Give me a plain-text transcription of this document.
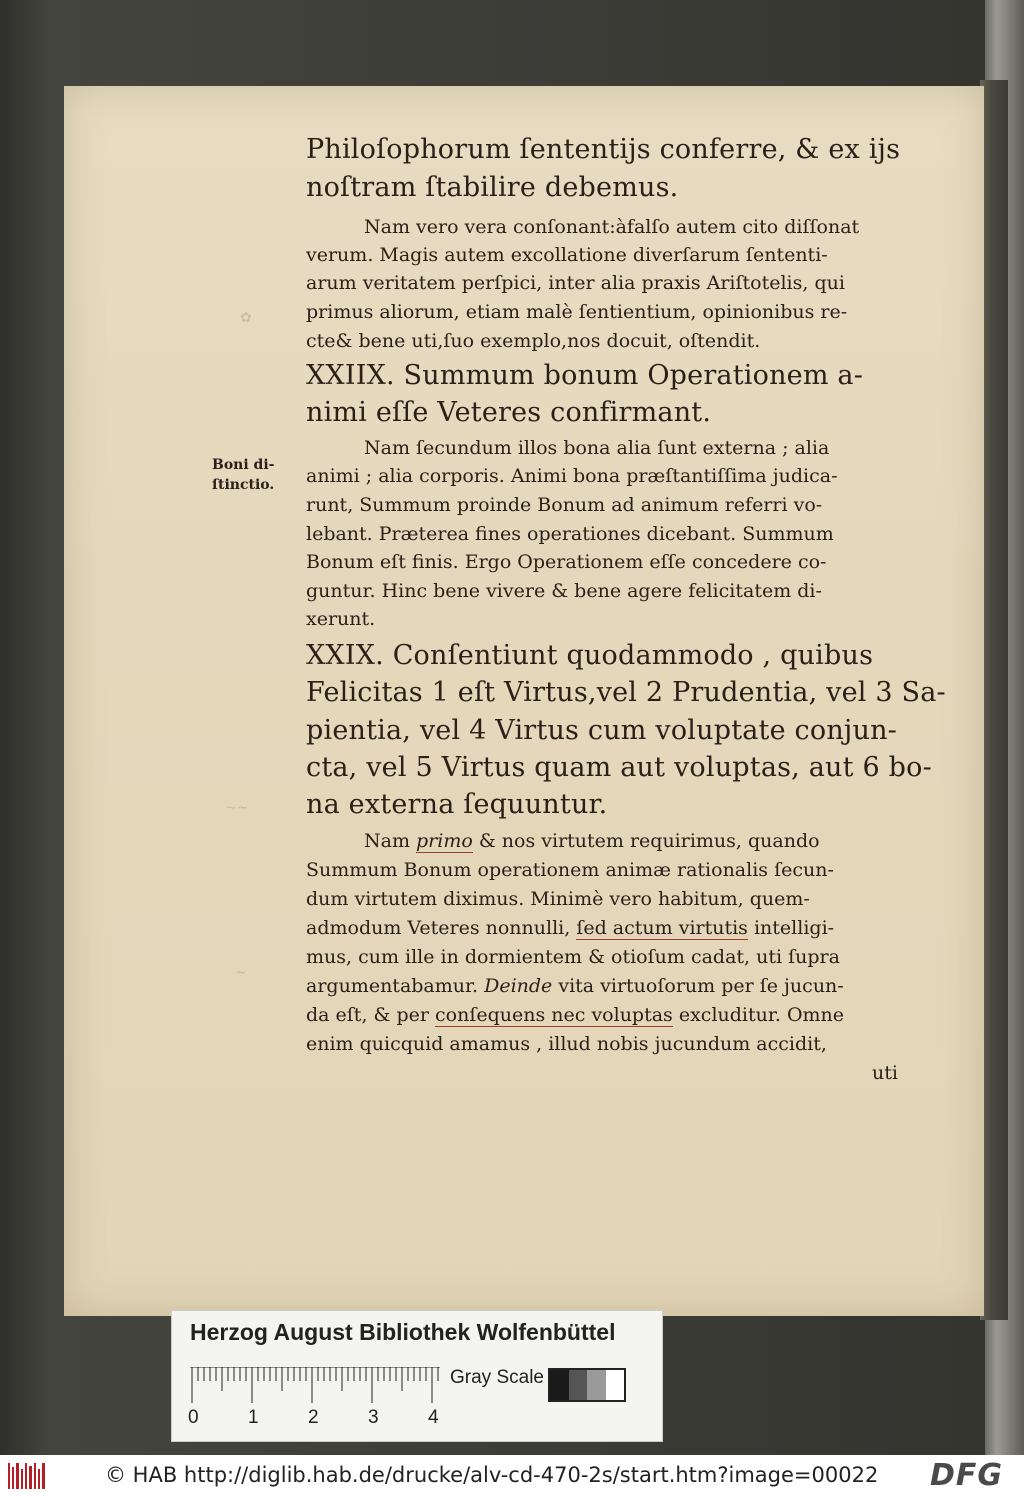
✿
~~
~
Boni di-
ſtinctio.
Philoſophorum ſententijs conferre, & ex ijs
noſtram ſtabilire debemus.
Nam vero vera conſonant:àfalſo autem cito diſſonat
verum. Magis autem excollatione diverſarum ſententi-
arum veritatem perſpici, inter alia praxis Ariſtotelis, qui
primus aliorum, etiam malè ſentientium, opinionibus re-
cte& bene uti,ſuo exemplo,nos docuit, oſtendit.
XXIIX. Summum bonum Operationem a-
nimi eſſe Veteres confirmant.
Nam ſecundum illos bona alia ſunt externa ; alia
animi ; alia corporis. Animi bona præſtantiſſima judica-
runt, Summum proinde Bonum ad animum referri vo-
lebant. Præterea fines operationes dicebant. Summum
Bonum eſt finis. Ergo Operationem eſſe concedere co-
guntur. Hinc bene vivere & bene agere felicitatem di-
xerunt.
XXIX. Conſentiunt quodammodo , quibus
Felicitas 1 eſt Virtus,vel 2 Prudentia, vel 3 Sa-
pientia, vel 4 Virtus cum voluptate conjun-
cta, vel 5 Virtus quam aut voluptas, aut 6 bo-
na externa ſequuntur.
Nam primo & nos virtutem requirimus, quando
Summum Bonum operationem animæ rationalis ſecun-
dum virtutem diximus. Minimè vero habitum, quem-
admodum Veteres nonnulli, ſed actum virtutis intelligi-
mus, cum ille in dormientem & otioſum cadat, uti ſupra
argumentabamur. Deinde vita virtuoſorum per ſe jucun-
da eſt, & per conſequens nec voluptas excluditur. Omne
enim quicquid amamus , illud nobis jucundum accidit,
uti
Herzog August Bibliothek Wolfenbüttel
0	1	2	3	4
Gray Scale
© HAB http://diglib.hab.de/drucke/alv-cd-470-2s/start.htm?image=00022 DFG
